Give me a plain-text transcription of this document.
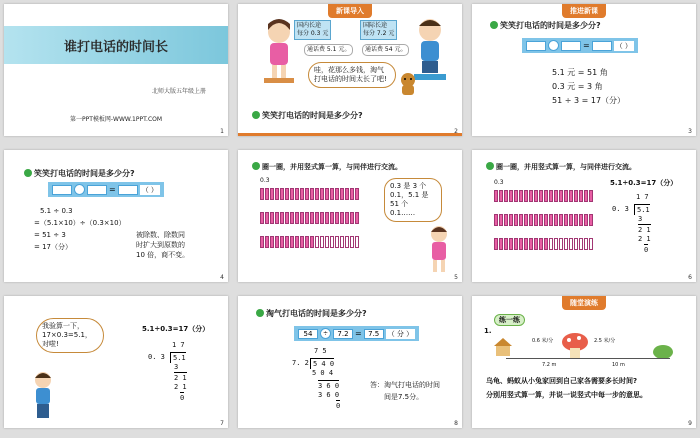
谁打电话的时间长
北师大版五年级上册
第一PPT模板网-WWW.1PPT.COM
1
新课导入
国内长途
每分 0.3 元
国际长途
每分 7.2 元
通话费 5.1 元。	通话费 54 元。
哇，花那么多钱，淘气打电话的时间太长了吧!
笑笑打电话的时间是多少分?
2
推进新课
笑笑打电话的时间是多少分?
=	（ ）
5.1 元 = 51 角
0.3 元 = 3 角
51 ÷ 3 = 17（分）
3
笑笑打电话的时间是多少分?
=	（ ）
5.1 ÷ 0.3
=（5.1×10）÷（0.3×10）
= 51 ÷ 3
= 17（分）
被除数、除数同
时扩大到原数的
10 倍，商不变。
4
圈一圈，并用竖式算一算，与同伴进行交流。
0.3
0.3 是 3 个
0.1，5.1 是
51 个
0.1……
5
圈一圈，并用竖式算一算，与同伴进行交流。
0.3	5.1÷0.3=17（分）
1 7
0. 3	5.1
3
2 1
2 1
0
6
我验算一下，
17×0.3=5.1，
对啦!
5.1÷0.3=17（分）
1 7
0. 3	5.1
3
2 1
2 1
0
7
淘气打电话的时间是多少分?
54	÷	7.2 = 7.5	（ 分 ）
7 5
7. 2 5 4 0
5 0 4
3 6 0
3 6 0
0
答：淘气打电话的时间
间是7.5分。
8
随堂演练
练一练
1.
0.6 米/分	2.5 米/分
7.2 m	10 m
乌龟、蚂蚁从小兔家回到自己家各需要多长时间?
分别用竖式算一算，并说一说竖式中每一步的意思。
9
